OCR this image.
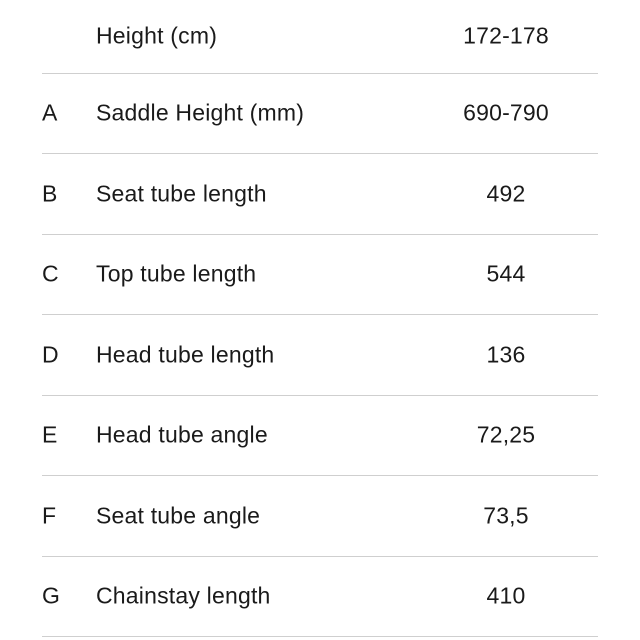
Height (cm)	172-178
A Saddle Height (mm)	690-790
B Seat tube length	492
C Top tube length	544
D Head tube length	136
E Head tube angle	72,25
F Seat tube angle	73,5
G Chainstay length	410
